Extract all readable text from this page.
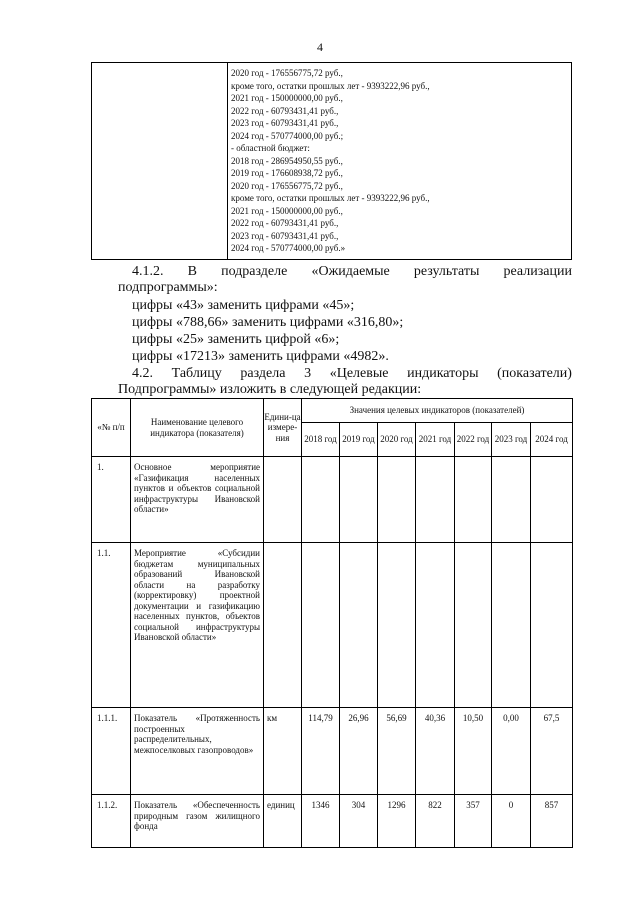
4

2020 год - 176556775,72 руб.,
кроме того, остатки прошлых лет - 9393222,96 руб.,
2021 год - 150000000,00 руб.,
2022 год - 60793431,41 руб.,
2023 год - 60793431,41 руб.,
2024 год - 570774000,00 руб.;
- областной бюджет:
2018 год - 286954950,55 руб.,
2019 год - 176608938,72 руб.,
2020 год - 176556775,72 руб.,
кроме того, остатки прошлых лет - 9393222,96 руб.,
2021 год - 150000000,00 руб.,
2022 год - 60793431,41 руб.,
2023 год - 60793431,41 руб.,
2024 год - 570774000,00 руб.»
4.1.2. В подразделе «Ожидаемые результаты реализации
подпрограммы»:
цифры «43» заменить цифрами «45»;
цифры «788,66» заменить цифрами «316,80»;
цифры «25» заменить цифрой «6»;
цифры «17213» заменить цифрами «4982».
4.2. Таблицу раздела 3 «Целевые индикаторы (показатели)
Подпрограммы» изложить в следующей редакции:
«№ п/п	Наименование целевого индикатора (показателя)	Едини-ца измере-ния	Значения целевых индикаторов (показателей)						
			2018 год	2019 год	2020 год	2021 год	2022 год	2023 год	2024 год
1.	Основное мероприятие «Газификация населенных пунктов и объектов социальной инфраструктуры Ивановской области»								
1.1.	Мероприятие «Субсидии бюджетам муниципальных образований Ивановской области на разработку (корректировку) проектной документации и газификацию населенных пунктов, объектов социальной инфраструктуры Ивановской области»								
1.1.1.	Показатель «Протяженность построенных распределительных, межпоселковых газопроводов»	км	114,79	26,96	56,69	40,36	10,50	0,00	67,5
1.1.2.	Показатель «Обеспеченность природным газом жилищного фонда	единиц	1346	304	1296	822	357	0	857
